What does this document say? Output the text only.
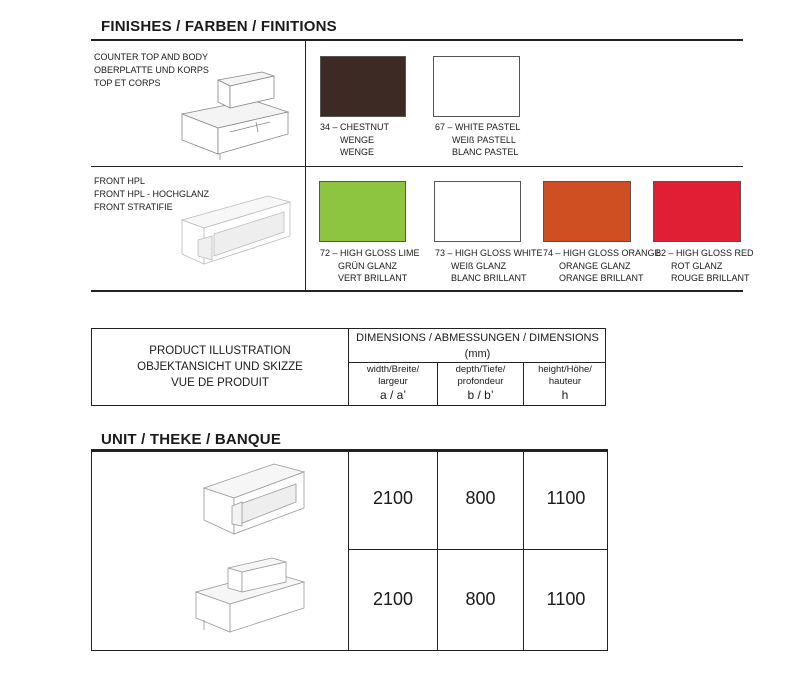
FINISHES / FARBEN / FINITIONS
COUNTER TOP AND BODY
OBERPLATTE UND KORPS
TOP ET CORPS
34 – CHESTNUT
WENGE
WENGE
67 – WHITE PASTEL
WEIß PASTELL
BLANC PASTEL
FRONT HPL
FRONT HPL - HOCHGLANZ
FRONT STRATIFIE
72 – HIGH GLOSS LIME
GRÜN GLANZ
VERT BRILLANT
73 – HIGH GLOSS WHITE
WEIß GLANZ
BLANC BRILLANT
74 – HIGH GLOSS ORANGE
ORANGE GLANZ
ORANGE BRILLANT
82 – HIGH GLOSS RED
ROT GLANZ
ROUGE BRILLANT
PRODUCT ILLUSTRATION
OBJEKTANSICHT UND SKIZZE
VUE DE PRODUIT
DIMENSIONS / ABMESSUNGEN / DIMENSIONS
(mm)
width/Breite/
largeur
a / a’
depth/Tiefe/
profondeur
b / b’
height/Höhe/
hauteur
h
UNIT / THEKE / BANQUE
2100	800	1100
2100	800	1100
